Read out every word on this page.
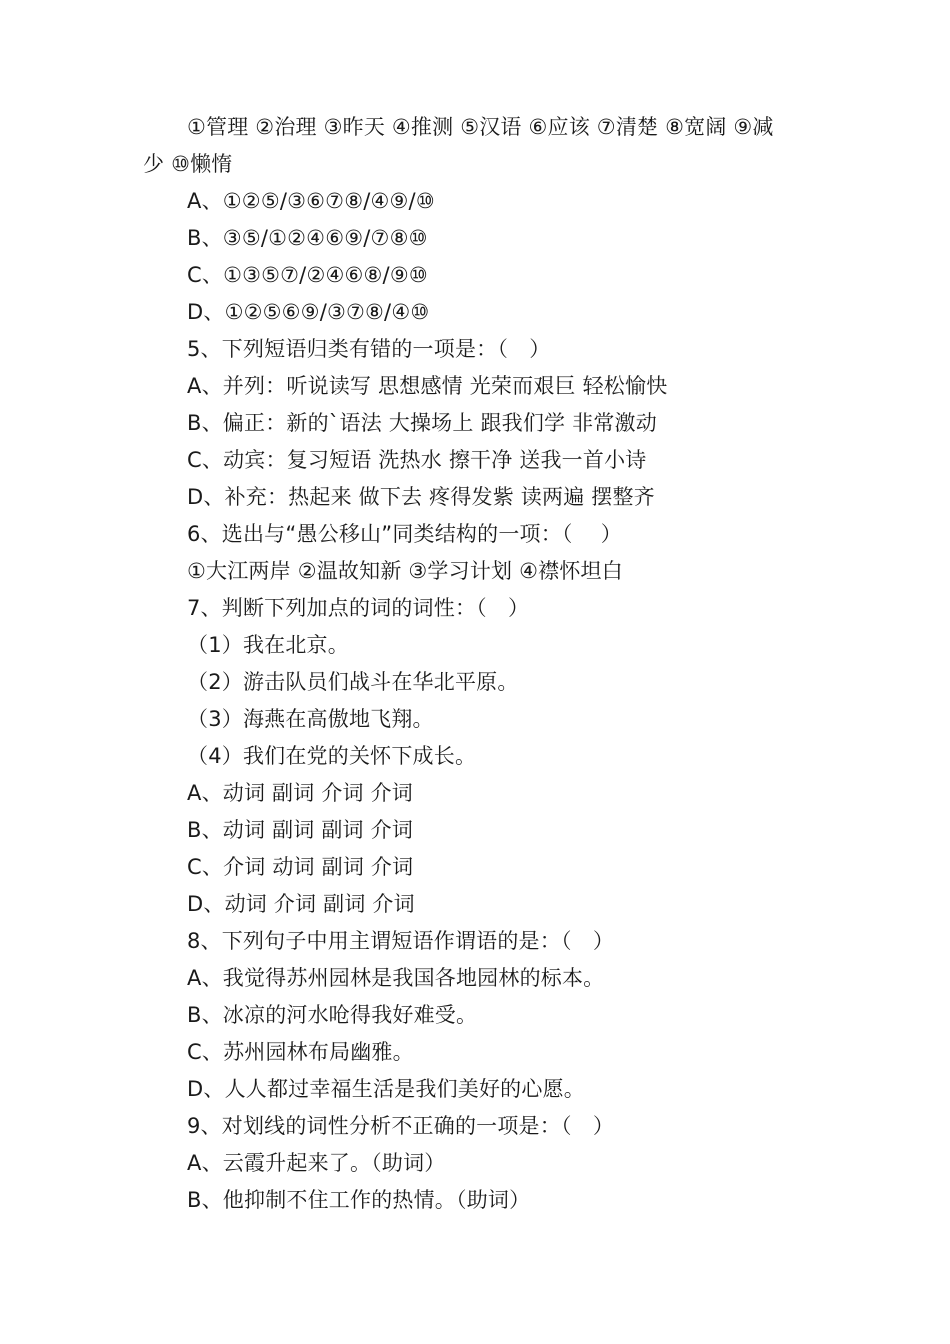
①管理 ②治理 ③昨天 ④推测 ⑤汉语 ⑥应该 ⑦清楚 ⑧宽阔 ⑨减
少 ⑩懒惰
A、①②⑤/③⑥⑦⑧/④⑨/⑩
B、③⑤/①②④⑥⑨/⑦⑧⑩
C、①③⑤⑦/②④⑥⑧/⑨⑩
D、①②⑤⑥⑨/③⑦⑧/④⑩
5、下列短语归类有错的一项是：（　）
A、并列：听说读写 思想感情 光荣而艰巨 轻松愉快
B、偏正：新的`语法 大操场上 跟我们学 非常激动
C、动宾：复习短语 洗热水 擦干净 送我一首小诗
D、补充：热起来 做下去 疼得发紫 读两遍 摆整齐
6、选出与“愚公移山”同类结构的一项：（　 ）
①大江两岸 ②温故知新 ③学习计划 ④襟怀坦白
7、判断下列加点的词的词性：（　）
（1）我在北京。
（2）游击队员们战斗在华北平原。
（3）海燕在高傲地飞翔。
（4）我们在党的关怀下成长。
A、动词 副词 介词 介词
B、动词 副词 副词 介词
C、介词 动词 副词 介词
D、动词 介词 副词 介词
8、下列句子中用主谓短语作谓语的是：（　）
A、我觉得苏州园林是我国各地园林的标本。
B、冰凉的河水呛得我好难受。
C、苏州园林布局幽雅。
D、人人都过幸福生活是我们美好的心愿。
9、对划线的词性分析不正确的一项是：（　）
A、云霞升起来了。（助词）
B、他抑制不住工作的热情。（助词）
